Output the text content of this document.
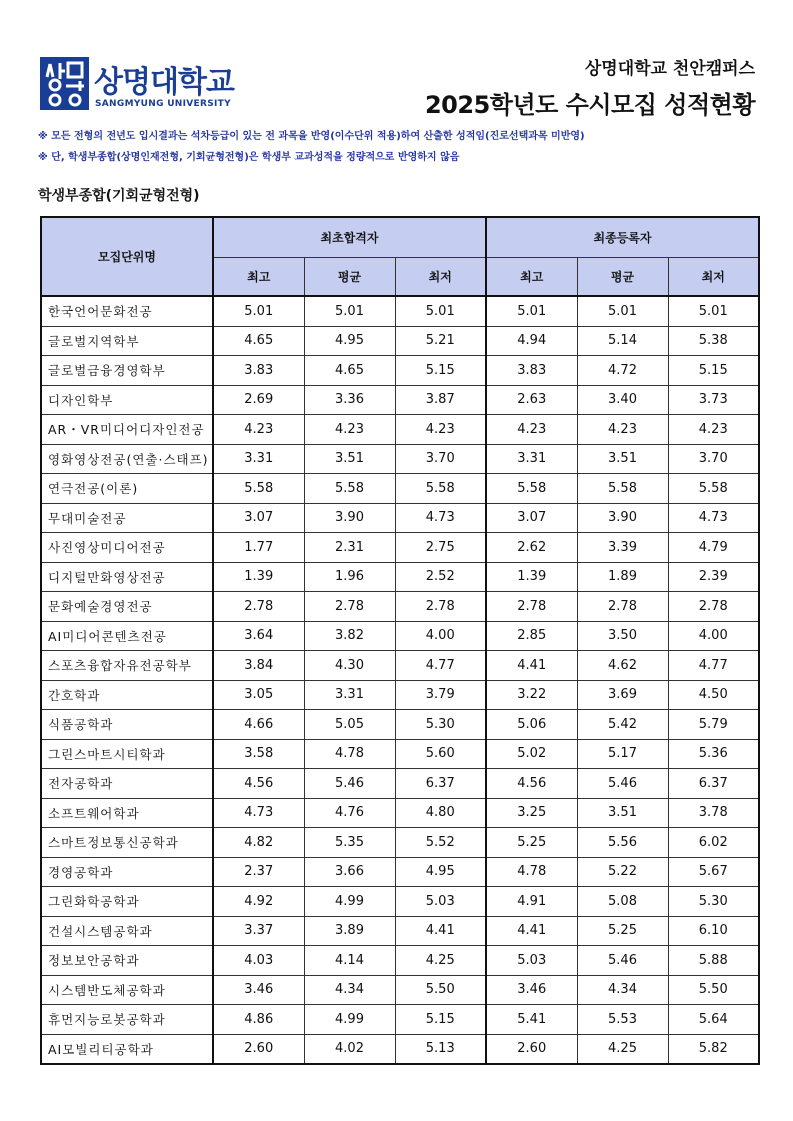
상명대학교
SANGMYUNG UNIVERSITY
상명대학교 천안캠퍼스
2025학년도 수시모집 성적현황
※ 모든 전형의 전년도 입시결과는 석차등급이 있는 전 과목을 반영(이수단위 적용)하여 산출한 성적임(진로선택과목 미반영)
※ 단, 학생부종합(상명인재전형, 기회균형전형)은 학생부 교과성적을 정량적으로 반영하지 않음
학생부종합(기회균형전형)
모집단위명	최초합격자			최종등록자		
	최고	평균	최저	최고	평균	최저
한국언어문화전공	5.01	5.01	5.01	5.01	5.01	5.01
글로벌지역학부	4.65	4.95	5.21	4.94	5.14	5.38
글로벌금융경영학부	3.83	4.65	5.15	3.83	4.72	5.15
디자인학부	2.69	3.36	3.87	2.63	3.40	3.73
AR・VR미디어디자인전공	4.23	4.23	4.23	4.23	4.23	4.23
영화영상전공(연출·스태프)	3.31	3.51	3.70	3.31	3.51	3.70
연극전공(이론)	5.58	5.58	5.58	5.58	5.58	5.58
무대미술전공	3.07	3.90	4.73	3.07	3.90	4.73
사진영상미디어전공	1.77	2.31	2.75	2.62	3.39	4.79
디지털만화영상전공	1.39	1.96	2.52	1.39	1.89	2.39
문화예술경영전공	2.78	2.78	2.78	2.78	2.78	2.78
AI미디어콘텐츠전공	3.64	3.82	4.00	2.85	3.50	4.00
스포츠융합자유전공학부	3.84	4.30	4.77	4.41	4.62	4.77
간호학과	3.05	3.31	3.79	3.22	3.69	4.50
식품공학과	4.66	5.05	5.30	5.06	5.42	5.79
그린스마트시티학과	3.58	4.78	5.60	5.02	5.17	5.36
전자공학과	4.56	5.46	6.37	4.56	5.46	6.37
소프트웨어학과	4.73	4.76	4.80	3.25	3.51	3.78
스마트정보통신공학과	4.82	5.35	5.52	5.25	5.56	6.02
경영공학과	2.37	3.66	4.95	4.78	5.22	5.67
그린화학공학과	4.92	4.99	5.03	4.91	5.08	5.30
건설시스템공학과	3.37	3.89	4.41	4.41	5.25	6.10
정보보안공학과	4.03	4.14	4.25	5.03	5.46	5.88
시스템반도체공학과	3.46	4.34	5.50	3.46	4.34	5.50
휴먼지능로봇공학과	4.86	4.99	5.15	5.41	5.53	5.64
AI모빌리티공학과	2.60	4.02	5.13	2.60	4.25	5.82
